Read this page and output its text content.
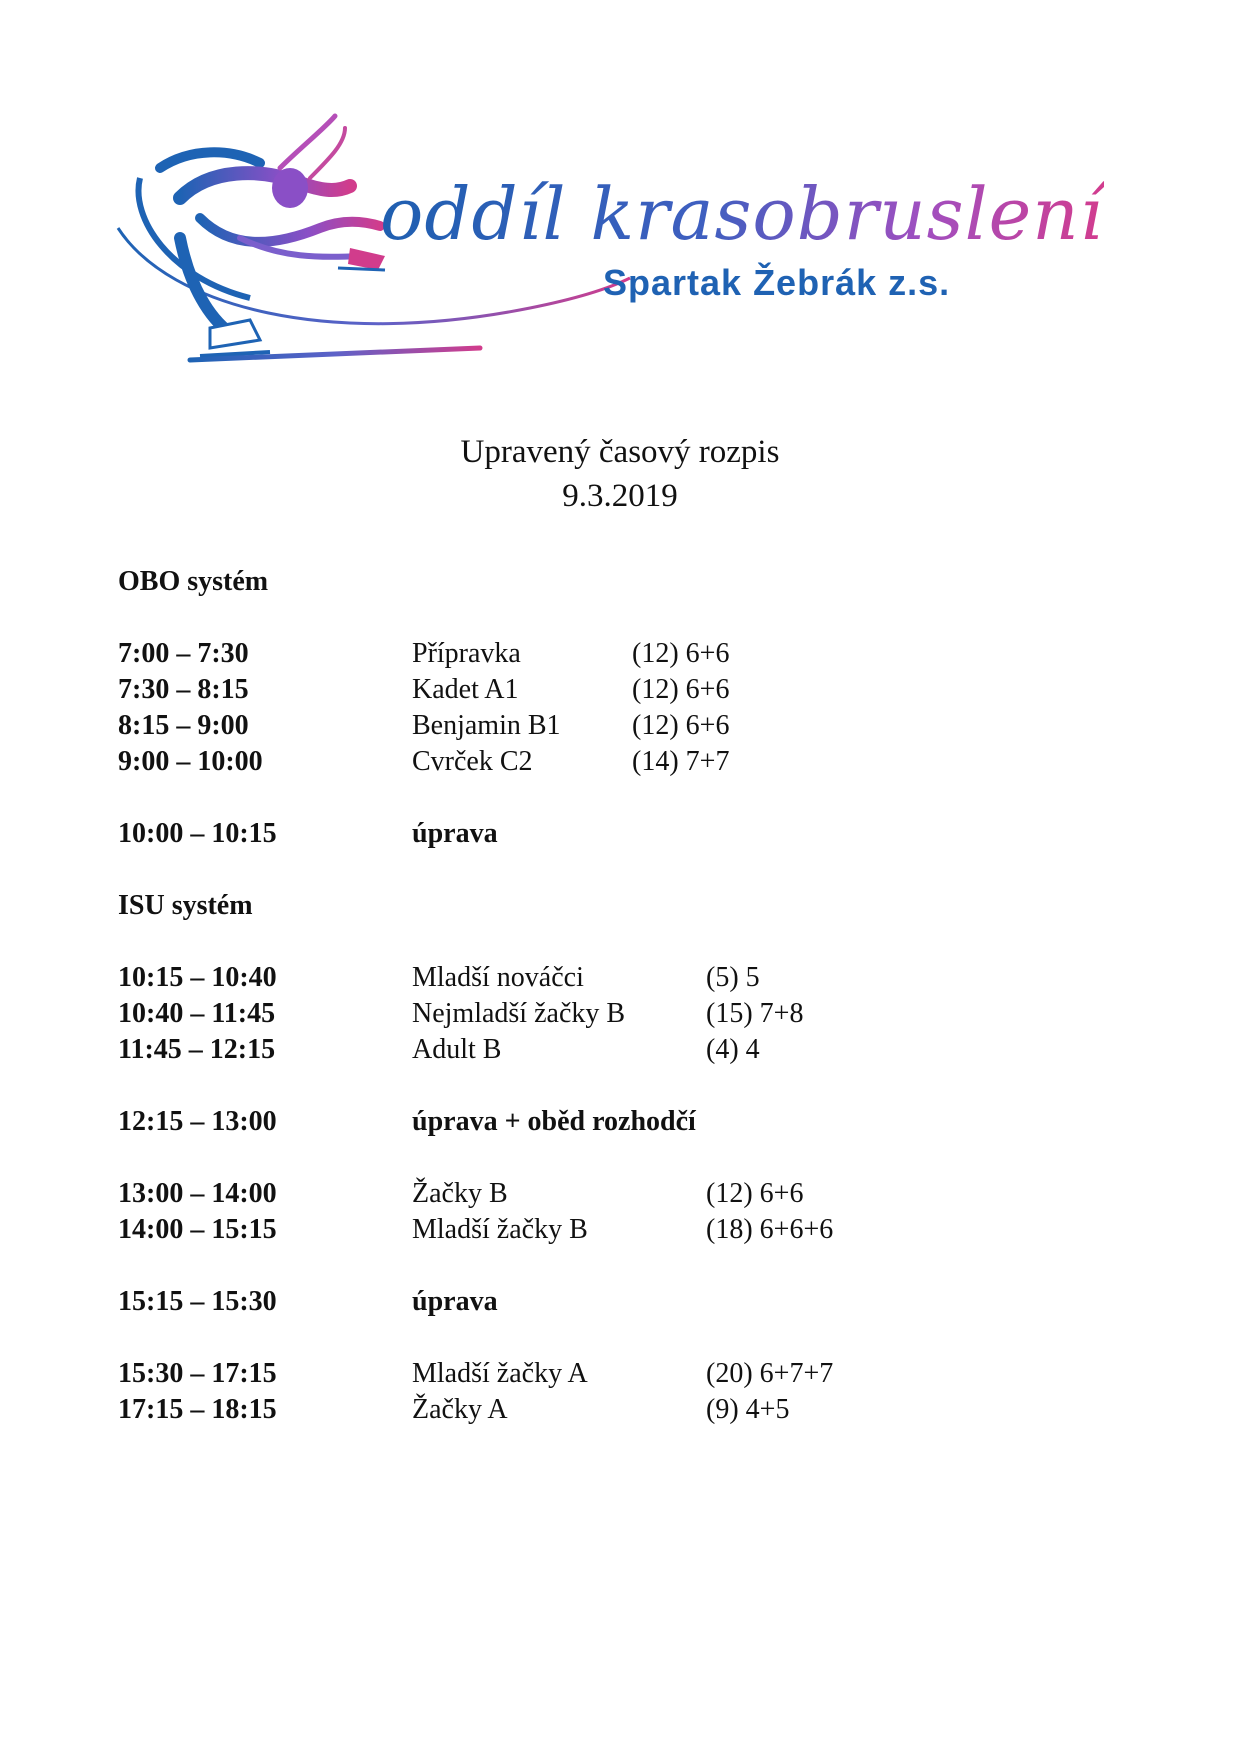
oddíl krasobruslení
Spartak Žebrák z.s.
Upravený časový rozpis
9.3.2019
OBO systém
7:00 – 7:30	Přípravka	(12) 6+6
7:30 – 8:15	Kadet A1	(12) 6+6
8:15 – 9:00	Benjamin B1	(12) 6+6
9:00 – 10:00	Cvrček C2	(14) 7+7
10:00 – 10:15	úprava
ISU systém
10:15 – 10:40	Mladší nováčci	(5) 5
10:40 – 11:45	Nejmladší žačky B	(15) 7+8
11:45 – 12:15	Adult B	(4) 4
12:15 – 13:00	úprava + oběd rozhodčí
13:00 – 14:00	Žačky B	(12) 6+6
14:00 – 15:15	Mladší žačky B	(18) 6+6+6
15:15 – 15:30	úprava
15:30 – 17:15	Mladší žačky A	(20) 6+7+7
17:15 – 18:15	Žačky A	(9) 4+5
